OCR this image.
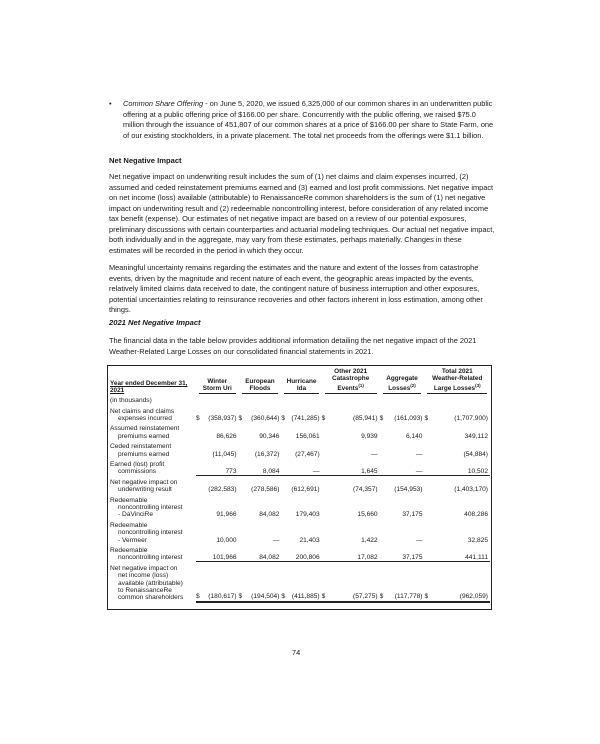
• Common Share Offering - on June 5, 2020, we issued 6,325,000 of our common shares in an underwritten public offering at a public offering price of $166.00 per share. Concurrently with the public offering, we raised $75.0 million through the issuance of 451,807 of our common shares at a price of $166.00 per share to State Farm, one of our existing stockholders, in a private placement. The total net proceeds from the offerings were $1.1 billion.
Net Negative Impact

Net negative impact on underwriting result includes the sum of (1) net claims and claim expenses incurred, (2) assumed and ceded reinstatement premiums earned and (3) earned and lost profit commissions. Net negative impact on net income (loss) available (attributable) to RenaissanceRe common shareholders is the sum of (1) net negative impact on underwriting result and (2) redeemable noncontrolling interest, before consideration of any related income tax benefit (expense). Our estimates of net negative impact are based on a review of our potential exposures, preliminary discussions with certain counterparties and actuarial modeling techniques. Our actual net negative impact, both individually and in the aggregate, may vary from these estimates, perhaps materially. Changes in these estimates will be recorded in the period in which they occur.

Meaningful uncertainty remains regarding the estimates and the nature and extent of the losses from catastrophe events, driven by the magnitude and recent nature of each event, the geographic areas impacted by the events, relatively limited claims data received to date, the contingent nature of business interruption and other exposures, potential uncertainties relating to reinsurance recoveries and other factors inherent in loss estimation, among other things.

2021 Net Negative Impact

The financial data in the table below provides additional information detailing the net negative impact of the 2021 Weather-Related Large Losses on our consolidated financial statements in 2021.

Year ended December 31, 2021	Winter Storm Uri		European Floods		Hurricane Ida		Other 2021 Catastrophe Events$^{(1)}$		Aggregate Losses$^{(2)}$		Total 2021 Weather-Related Large Losses$^{(3)}$

(in thousands)												
Net claims and claims
expenses incurred	$	(358,937)	$	(360,644)	$	(741,285)	$	(85,941)	$	(161,093)	$	(1,707,900)
Assumed reinstatement
premiums earned		86,626		90,346		156,061		9,939		6,140		349,112
Ceded reinstatement
premiums earned		(11,045)		(16,372)		(27,467)		—		—		(54,884)
Earned (lost) profit
commissions		773		8,084		—		1,645		—		10,502
Net negative impact on
underwriting result		(282,583)		(278,586)		(612,691)		(74,357)		(154,953)		(1,403,170)
Redeemable
noncontrolling interest
- DaVinciRe		91,966		84,082		179,403		15,660		37,175		408,286
Redeemable
noncontrolling interest
- Vermeer		10,000		—		21,403		1,422		—		32,825
Redeemable
noncontrolling interest		101,966		84,082		200,806		17,082		37,175		441,111
Net negative impact on
net income (loss)
available (attributable)
to RenaissanceRe
common shareholders	$	(180,617)	$	(194,504)	$	(411,885)	$	(57,275)	$	(117,778)	$	(962,059)
74
